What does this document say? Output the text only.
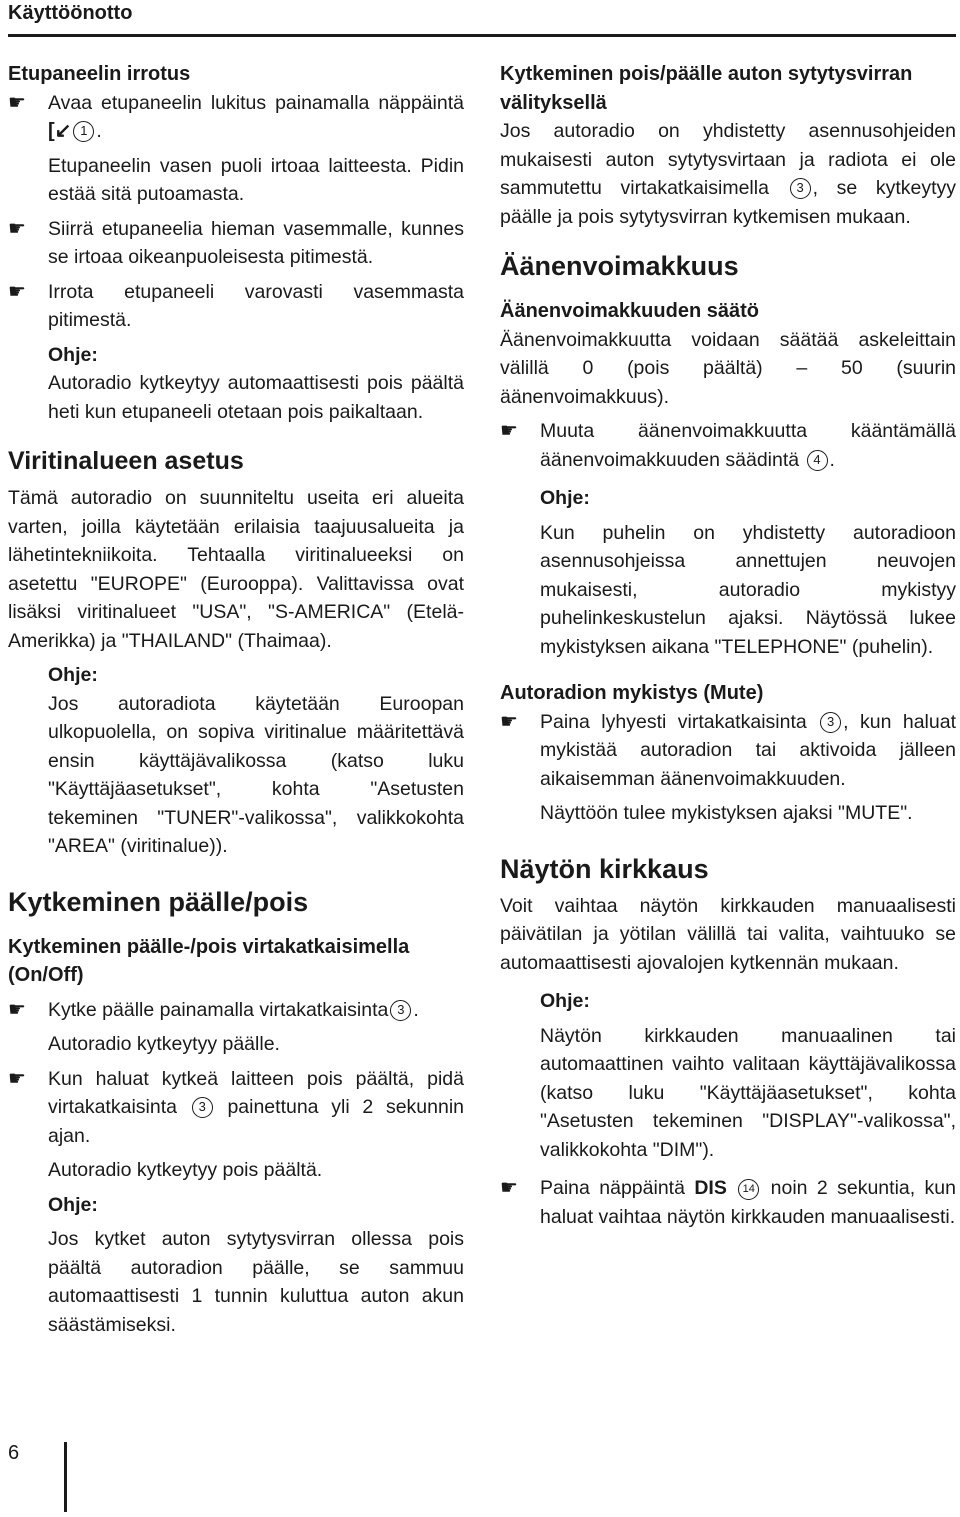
Käyttöönotto
Etupaneelin irrotus
☛ Avaa etupaneelin lukitus painamalla näppäintä [↙ 1 .
Etupaneelin vasen puoli irtoaa laitteesta. Pidin estää sitä putoamasta.
☛ Siirrä etupaneelia hieman vasemmalle, kunnes se irtoaa oikeanpuoleisesta pitimestä.
☛ Irrota etupaneeli varovasti vasemmasta pitimestä.
Ohje:
Autoradio kytkeytyy automaattisesti pois päältä heti kun etupaneeli otetaan pois paikaltaan.
Viritinalueen asetus
Tämä autoradio on suunniteltu useita eri alueita varten, joilla käytetään erilaisia taajuusalueita ja lähetintekniikoita. Tehtaalla viritinalueeksi on asetettu "EUROPE" (Eurooppa). Valittavissa ovat lisäksi viritinalueet "USA", "S-AMERICA" (Etelä-Amerikka) ja "THAILAND" (Thaimaa).
Ohje:
Jos autoradiota käytetään Euroopan ulkopuolella, on sopiva viritinalue määritettävä ensin käyttäjävalikossa (katso luku "Käyttäjäasetukset", kohta "Asetusten tekeminen "TUNER"-valikossa", valikkokohta "AREA" (viritinalue)).
Kytkeminen päälle/pois
Kytkeminen päälle-/pois virtakatkaisimella (On/Off)
☛ Kytke päälle painamalla virtakatkaisinta 3 .
Autoradio kytkeytyy päälle.
☛ Kun haluat kytkeä laitteen pois päältä, pidä virtakatkaisinta 3 painettuna yli 2 sekunnin ajan.
Autoradio kytkeytyy pois päältä.
Ohje:
Jos kytket auton sytytysvirran ollessa pois päältä autoradion päälle, se sammuu automaattisesti 1 tunnin kuluttua auton akun säästämiseksi.
Kytkeminen pois/päälle auton sytytysvirran välityksellä
Jos autoradio on yhdistetty asennusohjeiden mukaisesti auton sytytysvirtaan ja radiota ei ole sammutettu virtakatkaisimella 3 , se kytkeytyy päälle ja pois sytytysvirran kytkemisen mukaan.
Äänenvoimakkuus
Äänenvoimakkuuden säätö
Äänenvoimakkuutta voidaan säätää askeleittain välillä 0 (pois päältä) – 50 (suurin äänenvoimakkuus).
☛ Muuta äänenvoimakkuutta kääntämällä äänenvoimakkuuden säädintä 4 .
Ohje:
Kun puhelin on yhdistetty autoradioon asennusohjeissa annettujen neuvojen mukaisesti, autoradio mykistyy puhelinkeskustelun ajaksi. Näytössä lukee mykistyksen aikana "TELEPHONE" (puhelin).
Autoradion mykistys (Mute)
☛ Paina lyhyesti virtakatkaisinta 3 , kun haluat mykistää autoradion tai aktivoida jälleen aikaisemman äänenvoimakkuuden.
Näyttöön tulee mykistyksen ajaksi "MUTE".
Näytön kirkkaus
Voit vaihtaa näytön kirkkauden manuaalisesti päivätilan ja yötilan välillä tai valita, vaihtuuko se automaattisesti ajovalojen kytkennän mukaan.
Ohje:
Näytön kirkkauden manuaalinen tai automaattinen vaihto valitaan käyttäjävalikossa (katso luku "Käyttäjäasetukset", kohta "Asetusten tekeminen "DISPLAY"-valikossa", valikkokohta "DIM").
☛ Paina näppäintä DIS 14 noin 2 sekuntia, kun haluat vaihtaa näytön kirkkauden manuaalisesti.
6
